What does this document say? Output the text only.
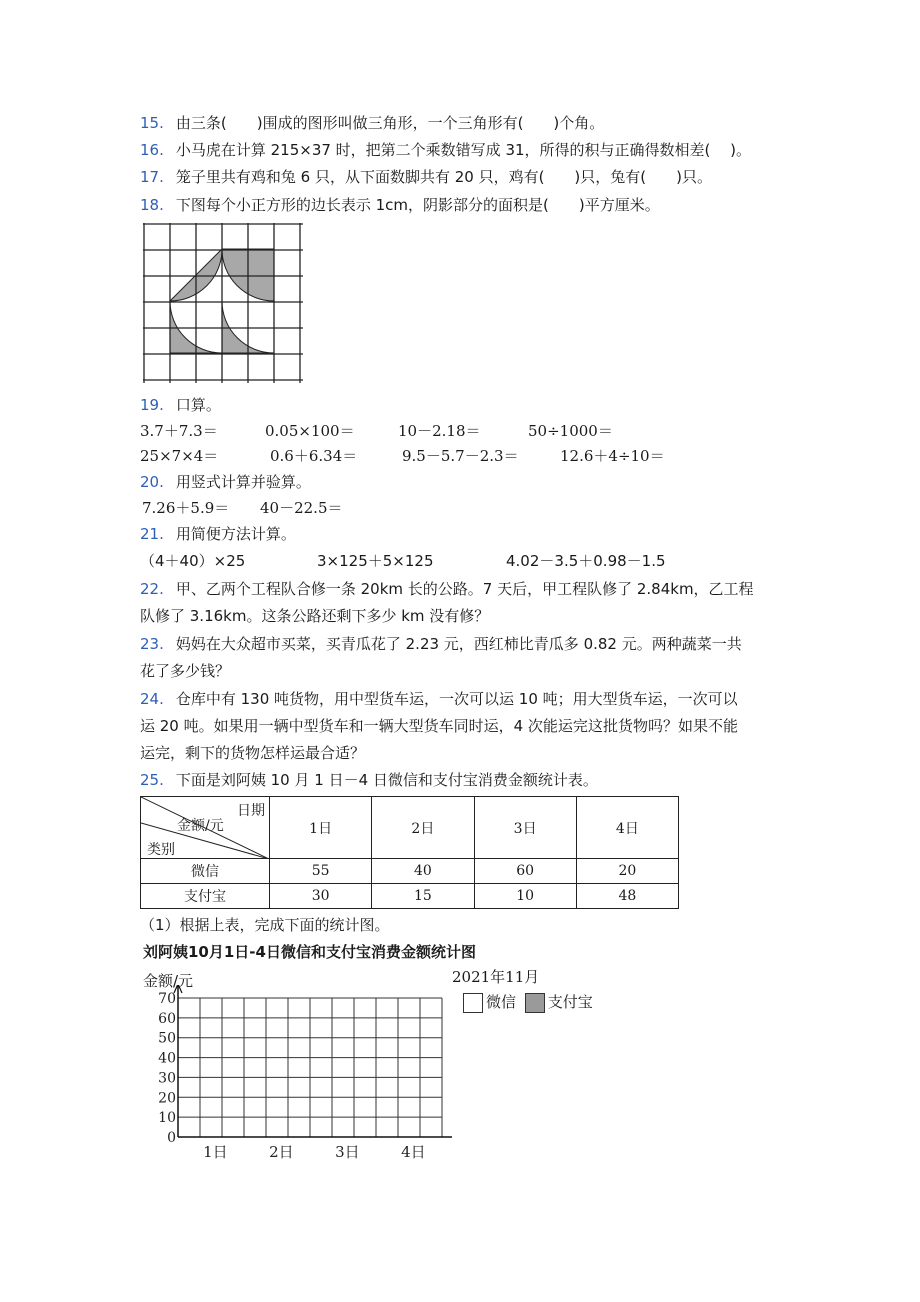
15. 由三条(　　)围成的图形叫做三角形，一个三角形有(　　)个角。
16. 小马虎在计算 215×37 时，把第二个乘数错写成 31，所得的积与正确得数相差(　 )。
17. 笼子里共有鸡和兔 6 只，从下面数脚共有 20 只，鸡有(　　)只，兔有(　　)只。
18. 下图每个小正方形的边长表示 1cm，阴影部分的面积是(　　)平方厘米。
19. 口算。
3.7＋7.3＝	0.05×100＝	10－2.18＝	50÷1000＝
25×7×4＝	0.6＋6.34＝	9.5－5.7－2.3＝	12.6＋4÷10＝
20. 用竖式计算并验算。
7.26＋5.9＝ 40－22.5＝
21. 用简便方法计算。
（4＋40）×25	3×125＋5×125	4.02－3.5＋0.98－1.5
22. 甲、乙两个工程队合修一条 20km 长的公路。7 天后，甲工程队修了 2.84km，乙工程
队修了 3.16km。这条公路还剩下多少 km 没有修？
23. 妈妈在大众超市买菜，买青瓜花了 2.23 元，西红柿比青瓜多 0.82 元。两种蔬菜一共
花了多少钱？
24. 仓库中有 130 吨货物，用中型货车运，一次可以运 10 吨；用大型货车运，一次可以
运 20 吨。如果用一辆中型货车和一辆大型货车同时运，4 次能运完这批货物吗？如果不能
运完，剩下的货物怎样运最合适？
25. 下面是刘阿姨 10 月 1 日－4 日微信和支付宝消费金额统计表。
日期
金额/元
类别	1日	2日	3日	4日
微信	55	40	60	20
支付宝	30	15	10	48
（1）根据上表，完成下面的统计图。
刘阿姨10月1日-4日微信和支付宝消费金额统计图
金额/元	2021年11月
微信 支付宝
0
10
20
30
40
50
60
70
1日	2日	3日	4日
